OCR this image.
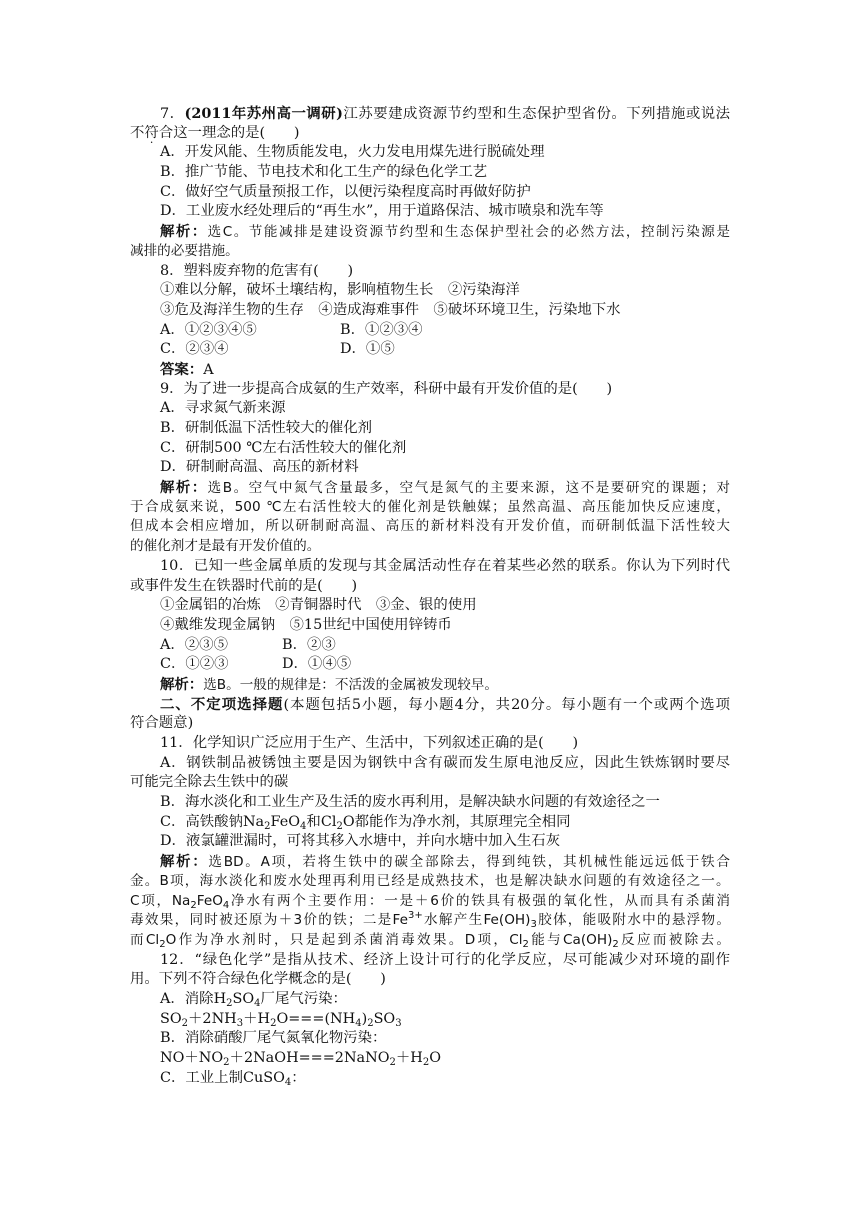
7．(2011年苏州高一调研)江苏要建成资源节约型和生态保护型省份。下列措施或说法
不符合这一理念的是(　　)
A．开发风能、生物质能发电，火力发电用煤先进行脱硫处理
B．推广节能、节电技术和化工生产的绿色化学工艺
C．做好空气质量预报工作，以便污染程度高时再做好防护
D．工业废水经处理后的“再生水”，用于道路保洁、城市喷泉和洗车等
解析：选C。节能减排是建设资源节约型和生态保护型社会的必然方法，控制污染源是
减排的必要措施。
8．塑料废弃物的危害有(　　)
①难以分解，破坏土壤结构，影响植物生长　②污染海洋
③危及海洋生物的生存　④造成海难事件　⑤破坏环境卫生，污染地下水
A．①②③④⑤	B．①②③④
C．②③④	D．①⑤
答案：A
9．为了进一步提高合成氨的生产效率，科研中最有开发价值的是(　　)
A．寻求氮气新来源
B．研制低温下活性较大的催化剂
C．研制500 ℃左右活性较大的催化剂
D．研制耐高温、高压的新材料
解析：选B。空气中氮气含量最多，空气是氮气的主要来源，这不是要研究的课题；对
于合成氨来说，500 ℃左右活性较大的催化剂是铁触媒；虽然高温、高压能加快反应速度，
但成本会相应增加，所以研制耐高温、高压的新材料没有开发价值，而研制低温下活性较大
的催化剂才是最有开发价值的。
10．已知一些金属单质的发现与其金属活动性存在着某些必然的联系。你认为下列时代
或事件发生在铁器时代前的是(　　)
①金属铝的冶炼　②青铜器时代　③金、银的使用
④戴维发现金属钠　⑤15世纪中国使用锌铸币
A．②③⑤	B．②③
C．①②③	D．①④⑤
解析：选B。一般的规律是：不活泼的金属被发现较早。
二、不定项选择题(本题包括5小题，每小题4分，共20分。每小题有一个或两个选项
符合题意)
11．化学知识广泛应用于生产、生活中，下列叙述正确的是(　　)
A．钢铁制品被锈蚀主要是因为钢铁中含有碳而发生原电池反应，因此生铁炼钢时要尽
可能完全除去生铁中的碳
B．海水淡化和工业生产及生活的废水再利用，是解决缺水问题的有效途径之一
C．高铁酸钠$Na_2FeO_4$和$Cl_2O$都能作为净水剂，其原理完全相同
D．液氯罐泄漏时，可将其移入水塘中，并向水塘中加入生石灰
解析：选BD。A项，若将生铁中的碳全部除去，得到纯铁，其机械性能远远低于铁合
金。B项，海水淡化和废水处理再利用已经是成熟技术，也是解决缺水问题的有效途径之一。
C项，$Na_2FeO_4$净水有两个主要作用：一是＋6价的铁具有极强的氧化性，从而具有杀菌消
毒效果，同时被还原为＋3价的铁；二是$Fe^{3+}$水解产生$Fe(OH)_3$胶体，能吸附水中的悬浮物。
而$Cl_2O$作为净水剂时，只是起到杀菌消毒效果。D项，$Cl_2$能与$Ca(OH)_2$反应而被除去。
12．“绿色化学”是指从技术、经济上设计可行的化学反应，尽可能减少对环境的副作
用。下列不符合绿色化学概念的是(　　)
A．消除$H_2SO_4$厂尾气污染：
$SO_2+2NH_3+H_2O===(NH_4)_2SO_3$
B．消除硝酸厂尾气氮氧化物污染：
$NO+NO_2+2NaOH===2NaNO_2+H_2O$
C．工业上制CuSO$_4$：
